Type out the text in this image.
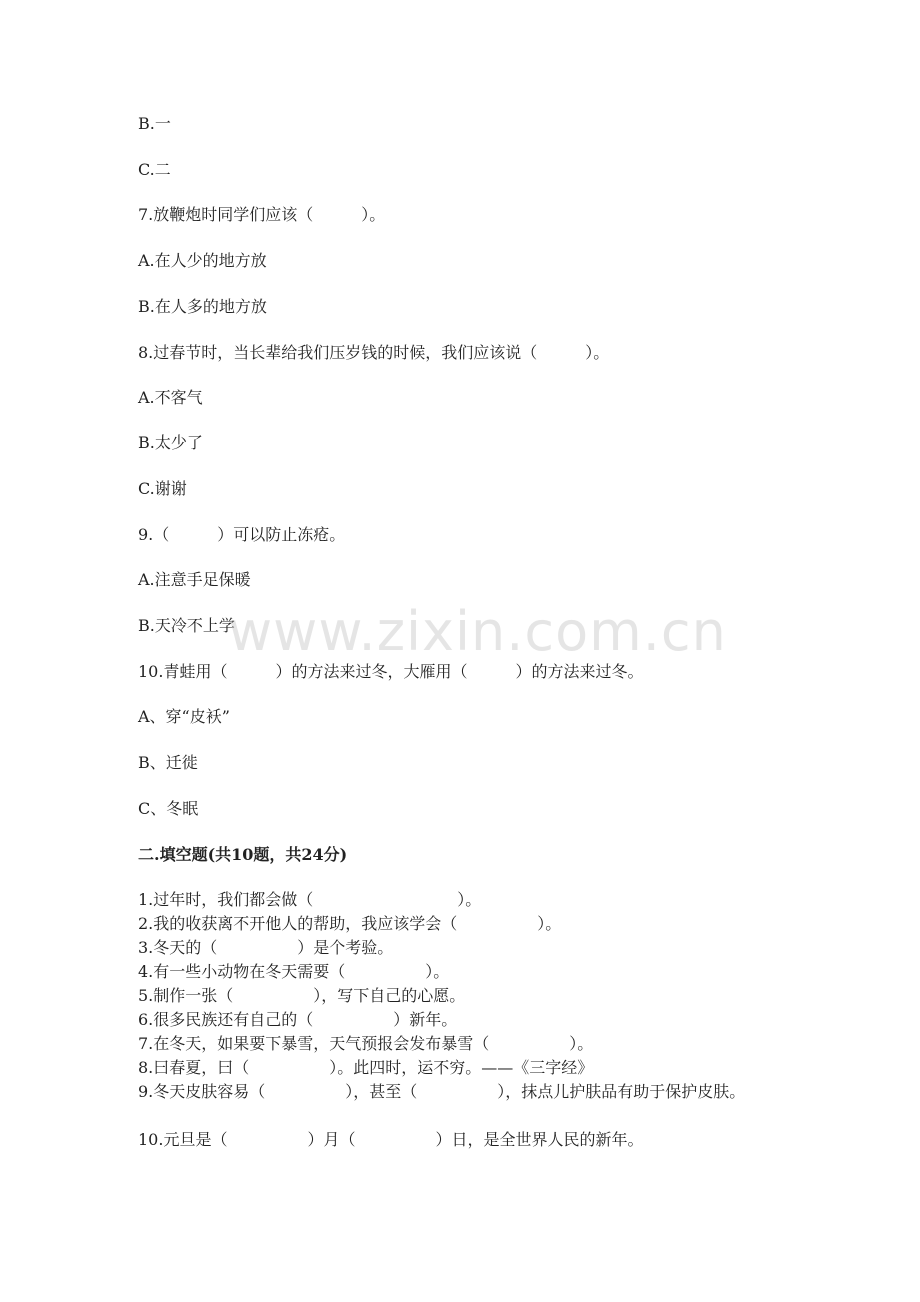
B.一
C.二
7.放鞭炮时同学们应该（　　　）。
A.在人少的地方放
B.在人多的地方放
8.过春节时，当长辈给我们压岁钱的时候，我们应该说（　　　）。
A.不客气
B.太少了
C.谢谢
9.（　　　）可以防止冻疮。
A.注意手足保暖
B.天冷不上学
10.青蛙用（　　　）的方法来过冬，大雁用（　　　）的方法来过冬。
A、穿“皮袄”
B、迁徙
C、冬眠
二.填空题(共10题，共24分)
1.过年时，我们都会做（　　　　　　　　　）。
2.我的收获离不开他人的帮助，我应该学会（　　　　　）。
3.冬天的（　　　　　）是个考验。
4.有一些小动物在冬天需要（　　　　　）。
5.制作一张（　　　　　），写下自己的心愿。
6.很多民族还有自己的（　　　　　）新年。
7.在冬天，如果要下暴雪，天气预报会发布暴雪（　　　　　）。
8.曰春夏，曰（　　　　　）。此四时，运不穷。——《三字经》
9.冬天皮肤容易（　　　　　），甚至（　　　　　），抹点儿护肤品有助于保护皮肤。
10.元旦是（　　　　　）月（　　　　　）日，是全世界人民的新年。
www.zixin.com.cn
